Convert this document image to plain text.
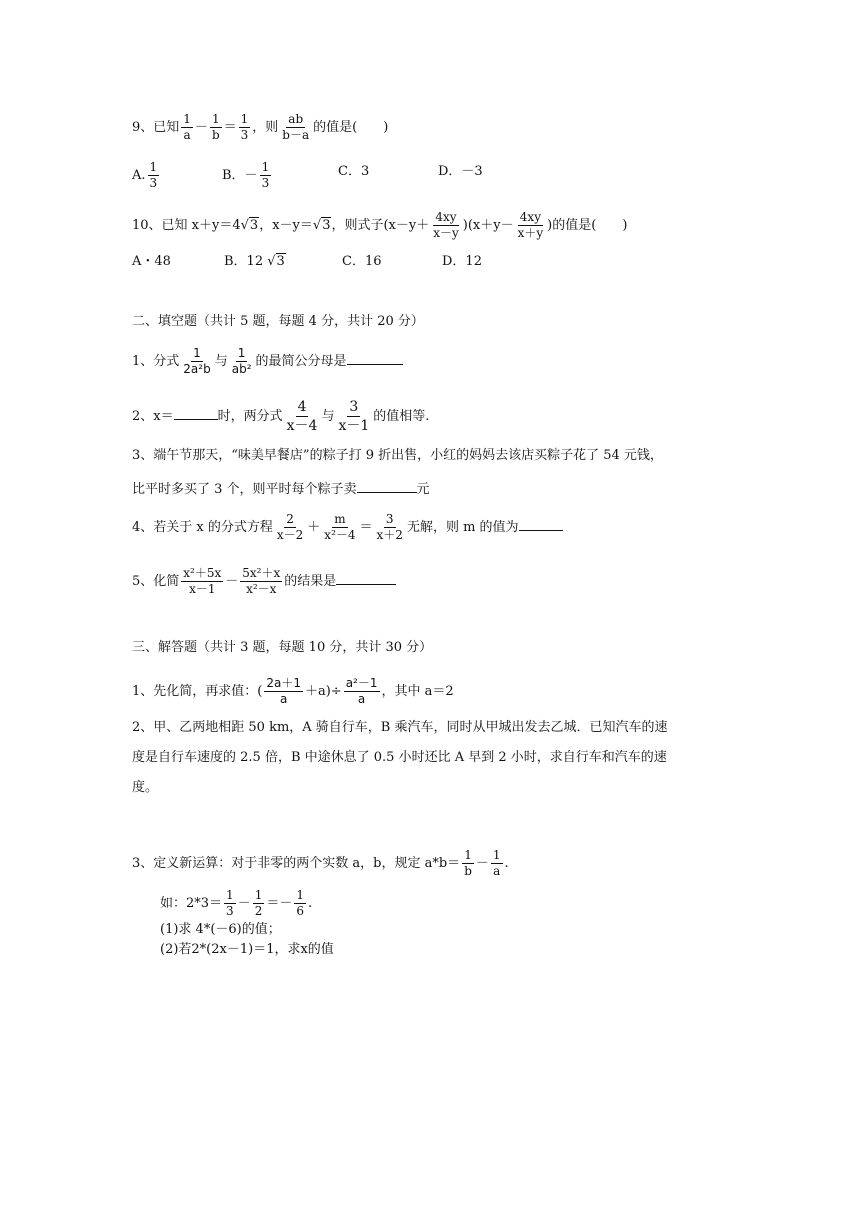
9、已知 $\frac{1}{a} - \frac{1}{b} = \frac{1}{3}$ ，则 $\frac{ab}{b-a}$ 的值是(　　)
A. $\frac{1}{3}$	B．－ $\frac{1}{3}$	C．3	D．－3
10、已知 x＋y＝4√3，x－y＝√3，则式子$(x-y+ \frac{4xy}{x-y} )(x+y- \frac{4xy}{x+y}$ )的值是(　　)
A・48	B．12 √3	C．16	D．12
二、填空题（共计 5 题，每题 4 分，共计 20 分）
1、分式 $\frac{1}{\text{2a²b}}$ 与 $\frac{1}{\text{ab²}}$ 的最简公分母是
2、x＝	时，两分式 $\frac{4}{x-4}$ 与 $\frac{3}{x-1}$ 的值相等.
3、端午节那天，“味美早餐店”的粽子打 9 折出售，小红的妈妈去该店买粽子花了 54 元钱，
比平时多买了 3 个，则平时每个粽子卖	元
4、若关于 x 的分式方程 $\frac{2}{x-2} + \frac{m}{\text{x²－4}} = \frac{3}{x+2}$ 无解，则 m 的值为
5、化简 $\frac{\text{x²＋5x}}{x-1} - \frac{\text{5x²＋x}}{\text{x²－x}}$ 的结果是
三、解答题（共计 3 题，每题 10 分，共计 30 分）
1、先化简，再求值：( $\frac{2a+1}{a} +a)\div \frac{\text{a²－1}}{a}$ ，其中 a＝2
2、甲、乙两地相距 50 km，A 骑自行车，B 乘汽车，同时从甲城出发去乙城．已知汽车的速
度是自行车速度的 2.5 倍，B 中途休息了 0.5 小时还比 A 早到 2 小时，求自行车和汽车的速
度。
3、定义新运算：对于非零的两个实数 a，b，规定 $a*b= \frac{1}{b} - \frac{1}{a}$ .
如：$2*3= \frac{1}{3} - \frac{1}{2} =- \frac{1}{6}$ .
(1)求 4*(－6)的值；
(2)若2*(2x－1)＝1，求x的值
